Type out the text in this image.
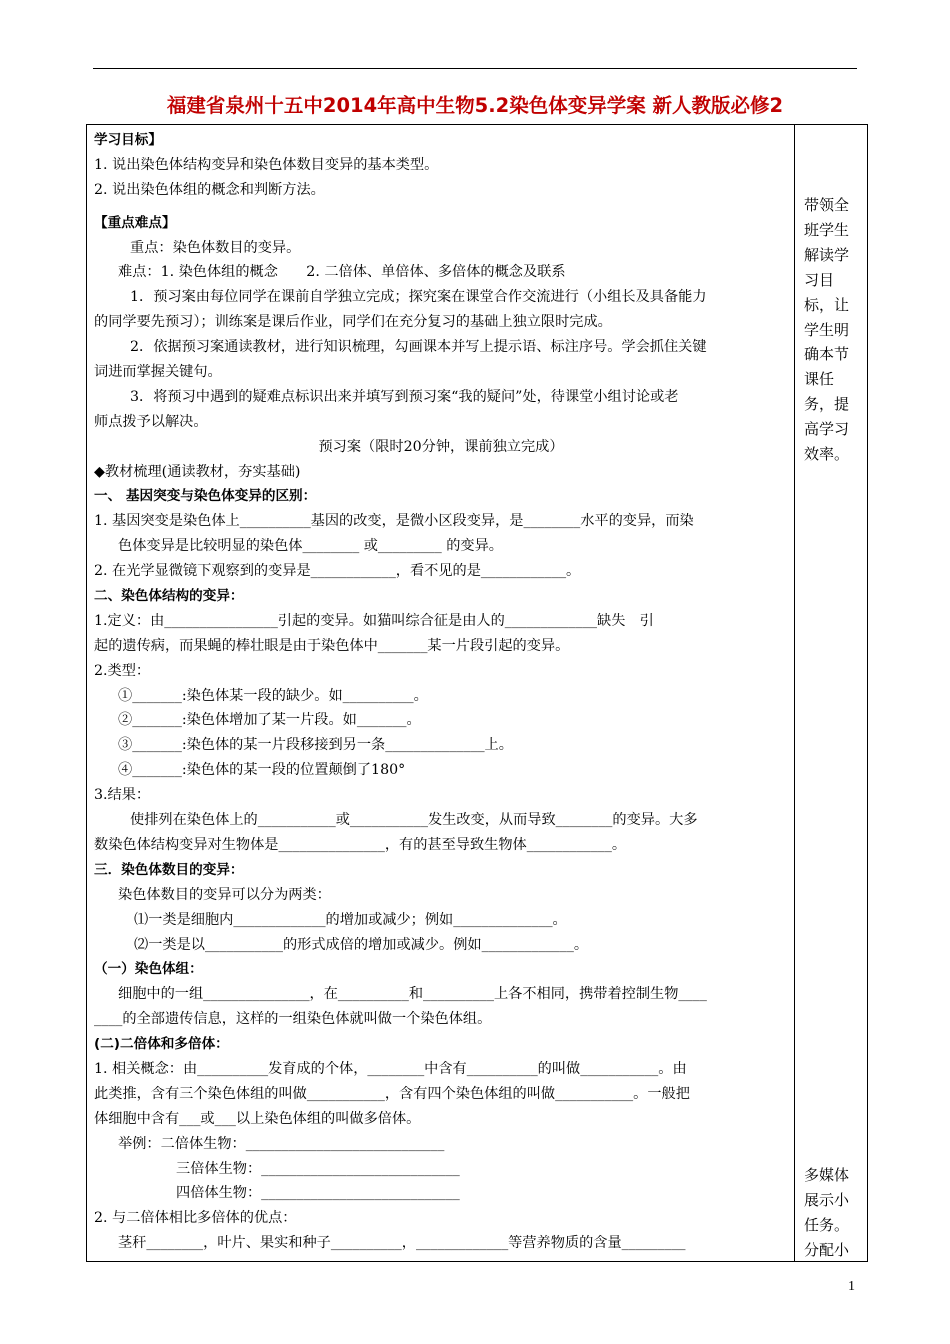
福建省泉州十五中2014年高中生物5.2染色体变异学案 新人教版必修2
学习目标】
1. 说出染色体结构变异和染色体数目变异的基本类型。
2. 说出染色体组的概念和判断方法。
【重点难点】
重点：染色体数目的变异。
难点：1. 染色体组的概念　　2. 二倍体、单倍体、多倍体的概念及联系
1．预习案由每位同学在课前自学独立完成；探究案在课堂合作交流进行（小组长及具备能力
的同学要先预习）；训练案是课后作业，同学们在充分复习的基础上独立限时完成。
2．依据预习案通读教材，进行知识梳理，勾画课本并写上提示语、标注序号。学会抓住关键
词进而掌握关键句。
3．将预习中遇到的疑难点标识出来并填写到预习案“我的疑问”处，待课堂小组讨论或老
师点拨予以解决。
预习案（限时20分钟，课前独立完成）
◆教材梳理(通读教材，夯实基础)
一、 基因突变与染色体变异的区别：
1. 基因突变是染色体上__________基因的改变，是微小区段变异，是________水平的变异，而染
色体变异是比较明显的染色体________ 或_________ 的变异。
2. 在光学显微镜下观察到的变异是____________，看不见的是____________。
二、染色体结构的变异：
1.定义：由________________引起的变异。如猫叫综合征是由人的_____________缺失　引
起的遗传病，而果蝇的棒壮眼是由于染色体中_______某一片段引起的变异。
2.类型：
①_______:染色体某一段的缺少。如__________。
②_______:染色体增加了某一片段。如_______。
③_______:染色体的某一片段移接到另一条______________上。
④_______:染色体的某一段的位置颠倒了180°
3.结果：
使排列在染色体上的___________或___________发生改变，从而导致________的变异。大多
数染色体结构变异对生物体是_______________，有的甚至导致生物体____________。
三．染色体数目的变异：
染色体数目的变异可以分为两类：
⑴一类是细胞内_____________的增加或减少；例如______________。
⑵一类是以___________的形式成倍的增加或减少。例如_____________。
（一）染色体组：
细胞中的一组_______________，在__________和__________上各不相同，携带着控制生物____
____的全部遗传信息，这样的一组染色体就叫做一个染色体组。
(二)二倍体和多倍体：
1. 相关概念：由__________发育成的个体，________中含有__________的叫做___________。由
此类推，含有三个染色体组的叫做___________，含有四个染色体组的叫做___________。一般把
体细胞中含有___或___以上染色体组的叫做多倍体。
举例：二倍体生物：____________________________
三倍体生物：____________________________
四倍体生物：____________________________
2. 与二倍体相比多倍体的优点：
茎秆________，叶片、果实和种子__________，_____________等营养物质的含量_________
带领全班学生解读学习目标，让学生明确本节课任务，提高学习效率。
多媒体展示小任务。分配小
1
